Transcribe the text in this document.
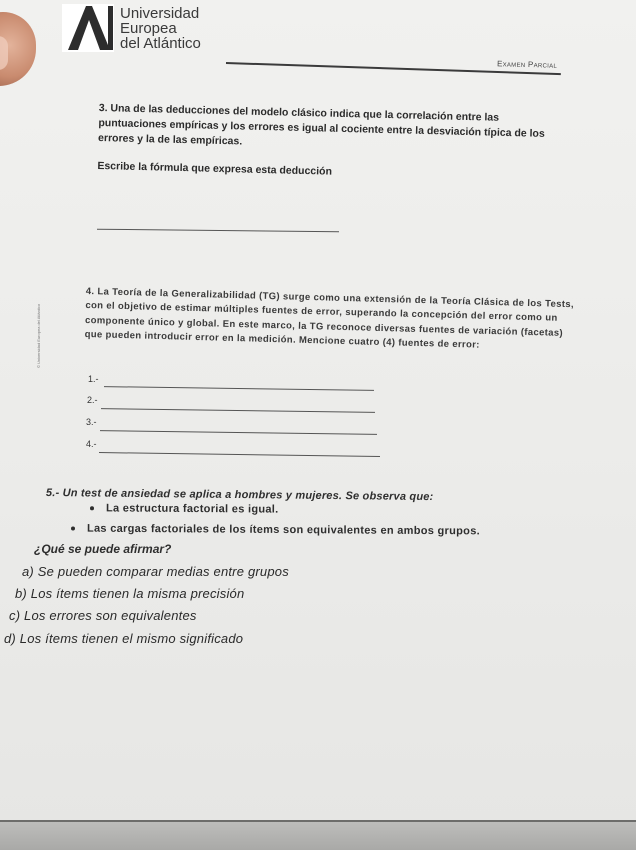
Universidad
Europea
del Atlántico
Examen Parcial
© Universidad Europea del Atlántico
3. Una de las deducciones del modelo clásico indica que la correlación entre las puntuaciones empíricas y los errores es igual al cociente entre la desviación típica de los errores y la de las empíricas.
Escribe la fórmula que expresa esta deducción
4. La Teoría de la Generalizabilidad (TG) surge como una extensión de la Teoría Clásica de los Tests, con el objetivo de estimar múltiples fuentes de error, superando la concepción del error como un componente único y global. En este marco, la TG reconoce diversas fuentes de variación (facetas) que pueden introducir error en la medición. Mencione cuatro (4) fuentes de error:
1.-
2.-
3.-
4.-
5.- Un test de ansiedad se aplica a hombres y mujeres. Se observa que:
La estructura factorial es igual.
Las cargas factoriales de los ítems son equivalentes en ambos grupos.
¿Qué se puede afirmar?
a) Se pueden comparar medias entre grupos
b) Los ítems tienen la misma precisión
c) Los errores son equivalentes
d) Los ítems tienen el mismo significado
